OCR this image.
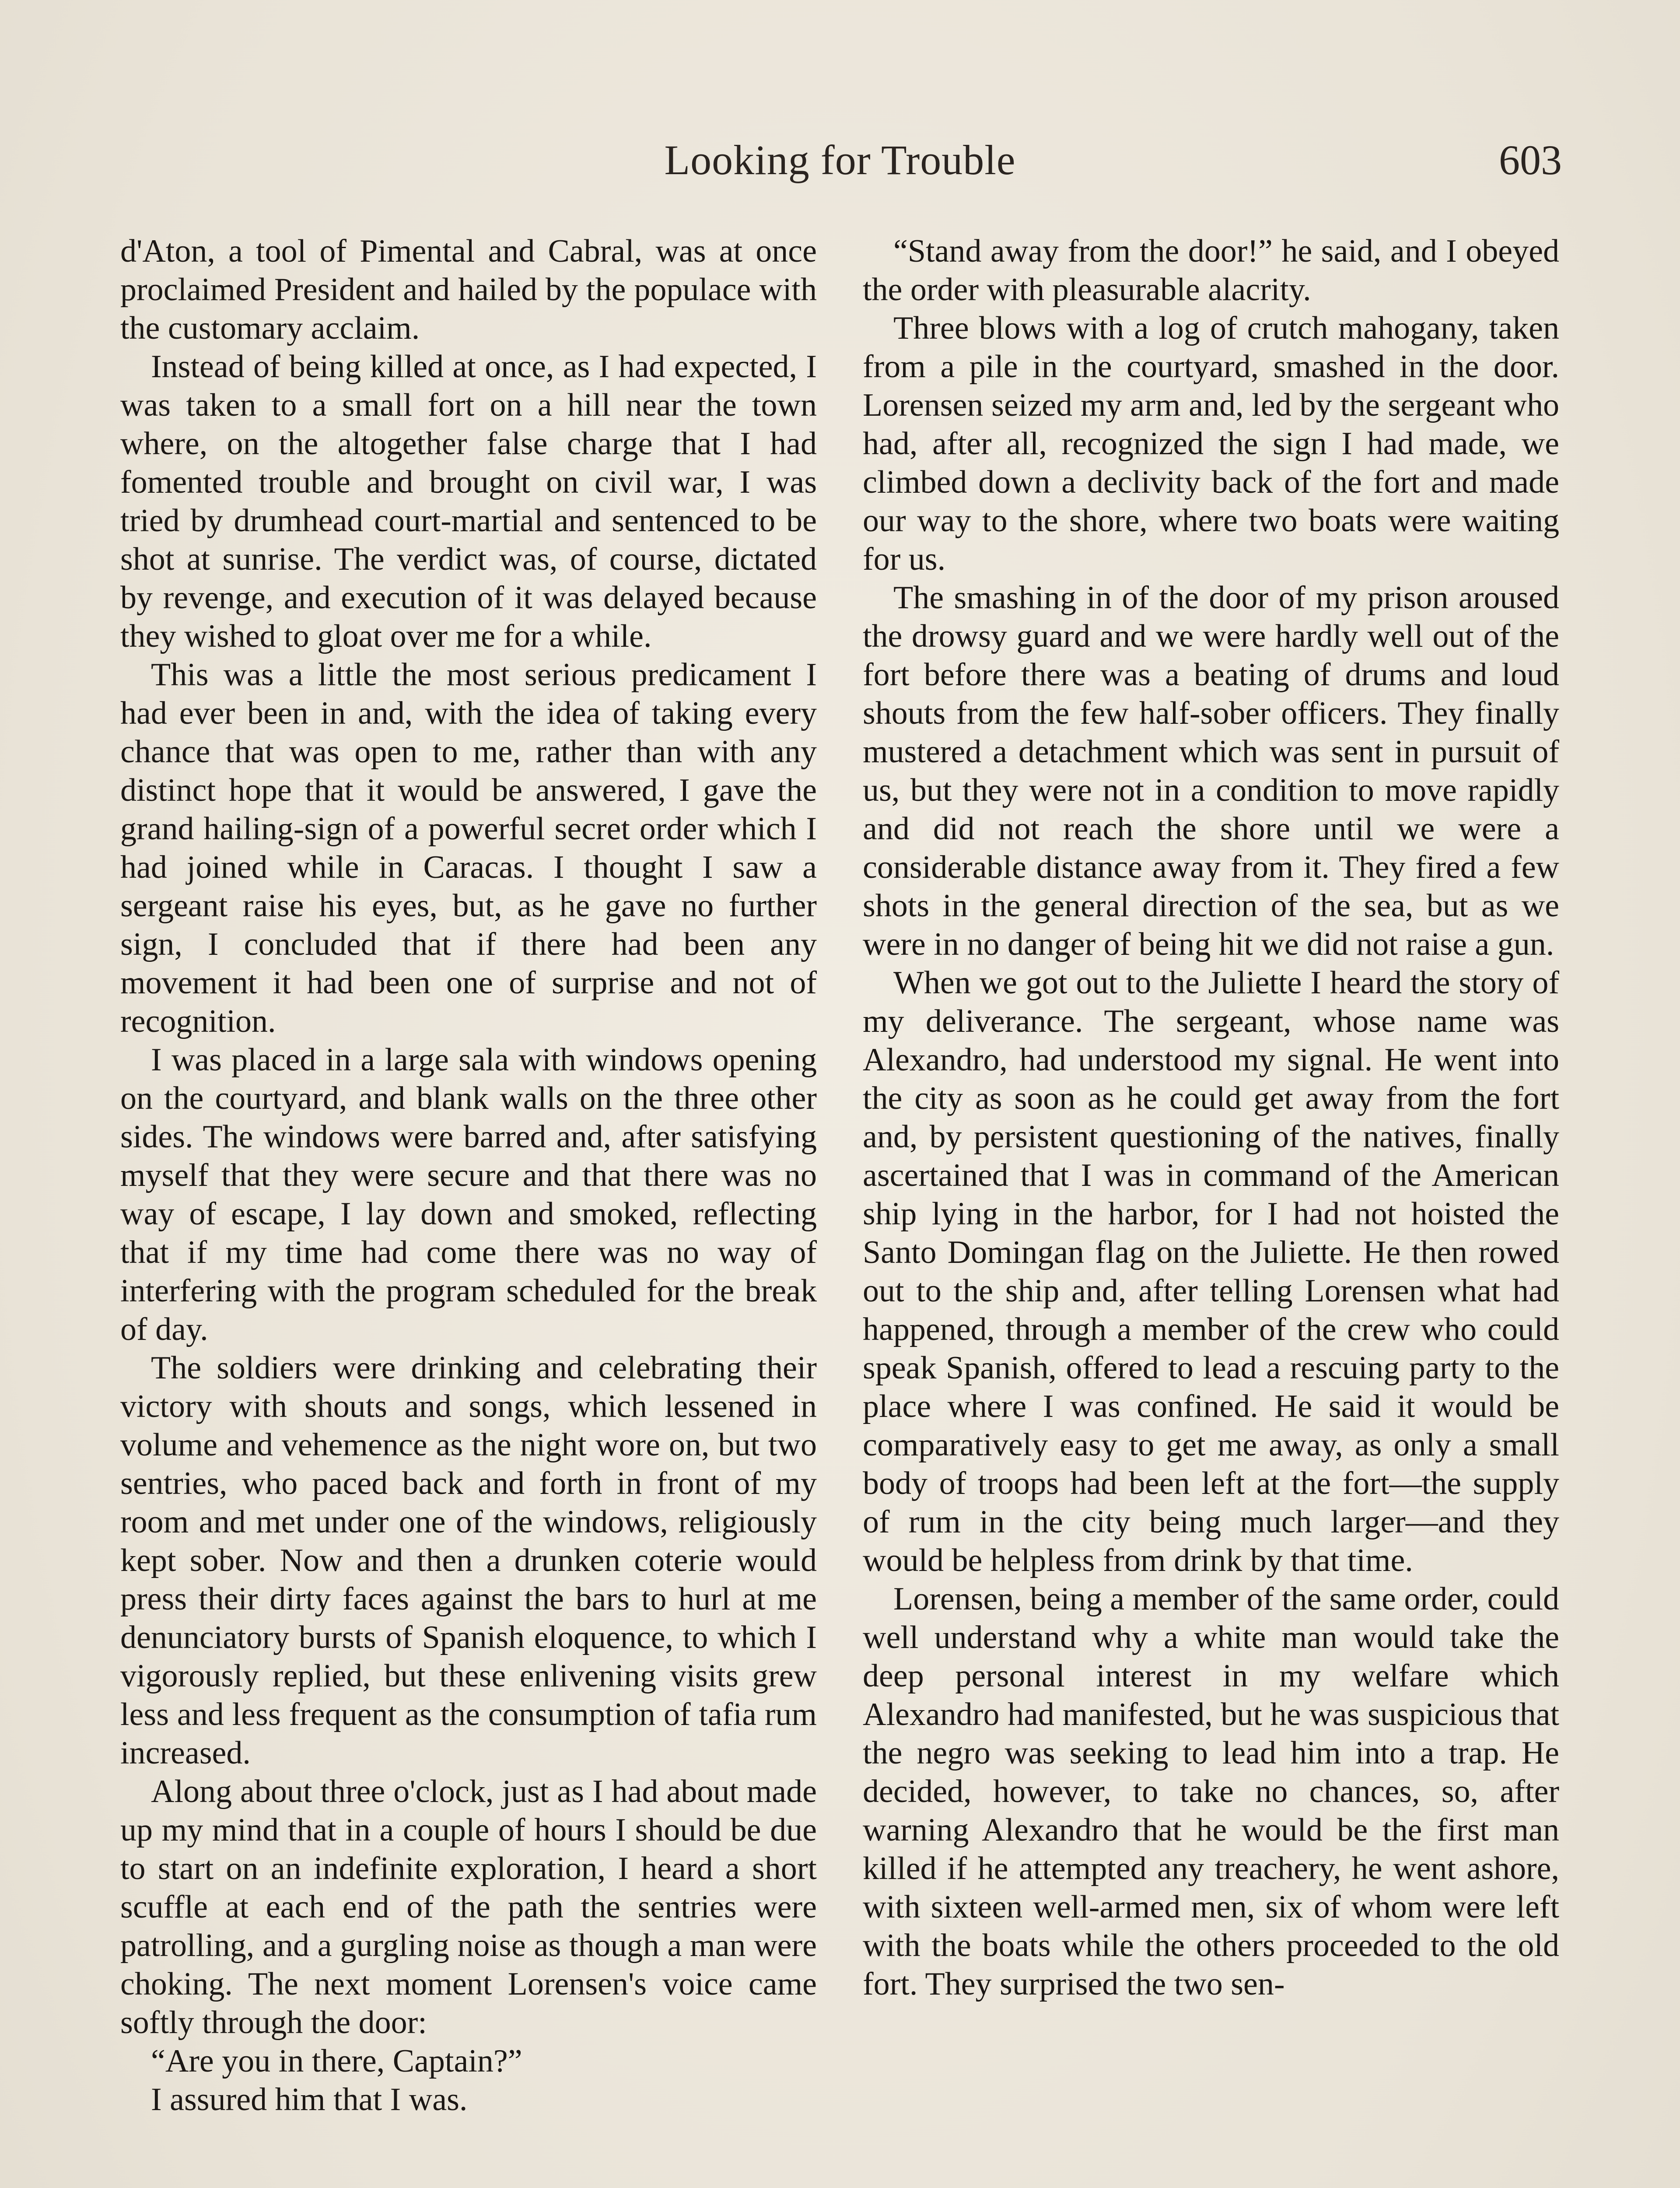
Looking for Trouble	603

d'Aton, a tool of Pimental and Cabral, was at once proclaimed President and hailed by the populace with the customary acclaim.

Instead of being killed at once, as I had expected, I was taken to a small fort on a hill near the town where, on the altogether false charge that I had fomented trouble and brought on civil war, I was tried by drumhead court-martial and sentenced to be shot at sunrise. The verdict was, of course, dictated by revenge, and execution of it was delayed because they wished to gloat over me for a while.

This was a little the most serious predicament I had ever been in and, with the idea of taking every chance that was open to me, rather than with any distinct hope that it would be answered, I gave the grand hailing-sign of a powerful secret order which I had joined while in Caracas. I thought I saw a sergeant raise his eyes, but, as he gave no further sign, I concluded that if there had been any movement it had been one of surprise and not of recognition.

I was placed in a large sala with windows opening on the courtyard, and blank walls on the three other sides. The windows were barred and, after satisfying myself that they were secure and that there was no way of escape, I lay down and smoked, reflecting that if my time had come there was no way of interfering with the program scheduled for the break of day.

The soldiers were drinking and celebrating their victory with shouts and songs, which lessened in volume and vehemence as the night wore on, but two sentries, who paced back and forth in front of my room and met under one of the windows, religiously kept sober. Now and then a drunken coterie would press their dirty faces against the bars to hurl at me denunciatory bursts of Spanish eloquence, to which I vigorously replied, but these enlivening visits grew less and less frequent as the consumption of tafia rum increased.

Along about three o'clock, just as I had about made up my mind that in a couple of hours I should be due to start on an indefinite exploration, I heard a short scuffle at each end of the path the sentries were patrolling, and a gurgling noise as though a man were choking. The next moment Lorensen's voice came softly through the door:

“Are you in there, Captain?”

I assured him that I was.

“Stand away from the door!” he said, and I obeyed the order with pleasurable alacrity.

Three blows with a log of crutch mahogany, taken from a pile in the courtyard, smashed in the door. Lorensen seized my arm and, led by the sergeant who had, after all, recognized the sign I had made, we climbed down a declivity back of the fort and made our way to the shore, where two boats were waiting for us.

The smashing in of the door of my prison aroused the drowsy guard and we were hardly well out of the fort before there was a beating of drums and loud shouts from the few half-sober officers. They finally mustered a detachment which was sent in pursuit of us, but they were not in a condition to move rapidly and did not reach the shore until we were a considerable distance away from it. They fired a few shots in the general direction of the sea, but as we were in no danger of being hit we did not raise a gun.

When we got out to the Juliette I heard the story of my deliverance. The sergeant, whose name was Alexandro, had understood my signal. He went into the city as soon as he could get away from the fort and, by persistent questioning of the natives, finally ascertained that I was in command of the American ship lying in the harbor, for I had not hoisted the Santo Domingan flag on the Juliette. He then rowed out to the ship and, after telling Lorensen what had happened, through a member of the crew who could speak Spanish, offered to lead a rescuing party to the place where I was confined. He said it would be comparatively easy to get me away, as only a small body of troops had been left at the fort—the supply of rum in the city being much larger—and they would be helpless from drink by that time.

Lorensen, being a member of the same order, could well understand why a white man would take the deep personal interest in my welfare which Alexandro had manifested, but he was suspicious that the negro was seeking to lead him into a trap. He decided, however, to take no chances, so, after warning Alexandro that he would be the first man killed if he attempted any treachery, he went ashore, with sixteen well-armed men, six of whom were left with the boats while the others proceeded to the old fort. They surprised the two sen-
